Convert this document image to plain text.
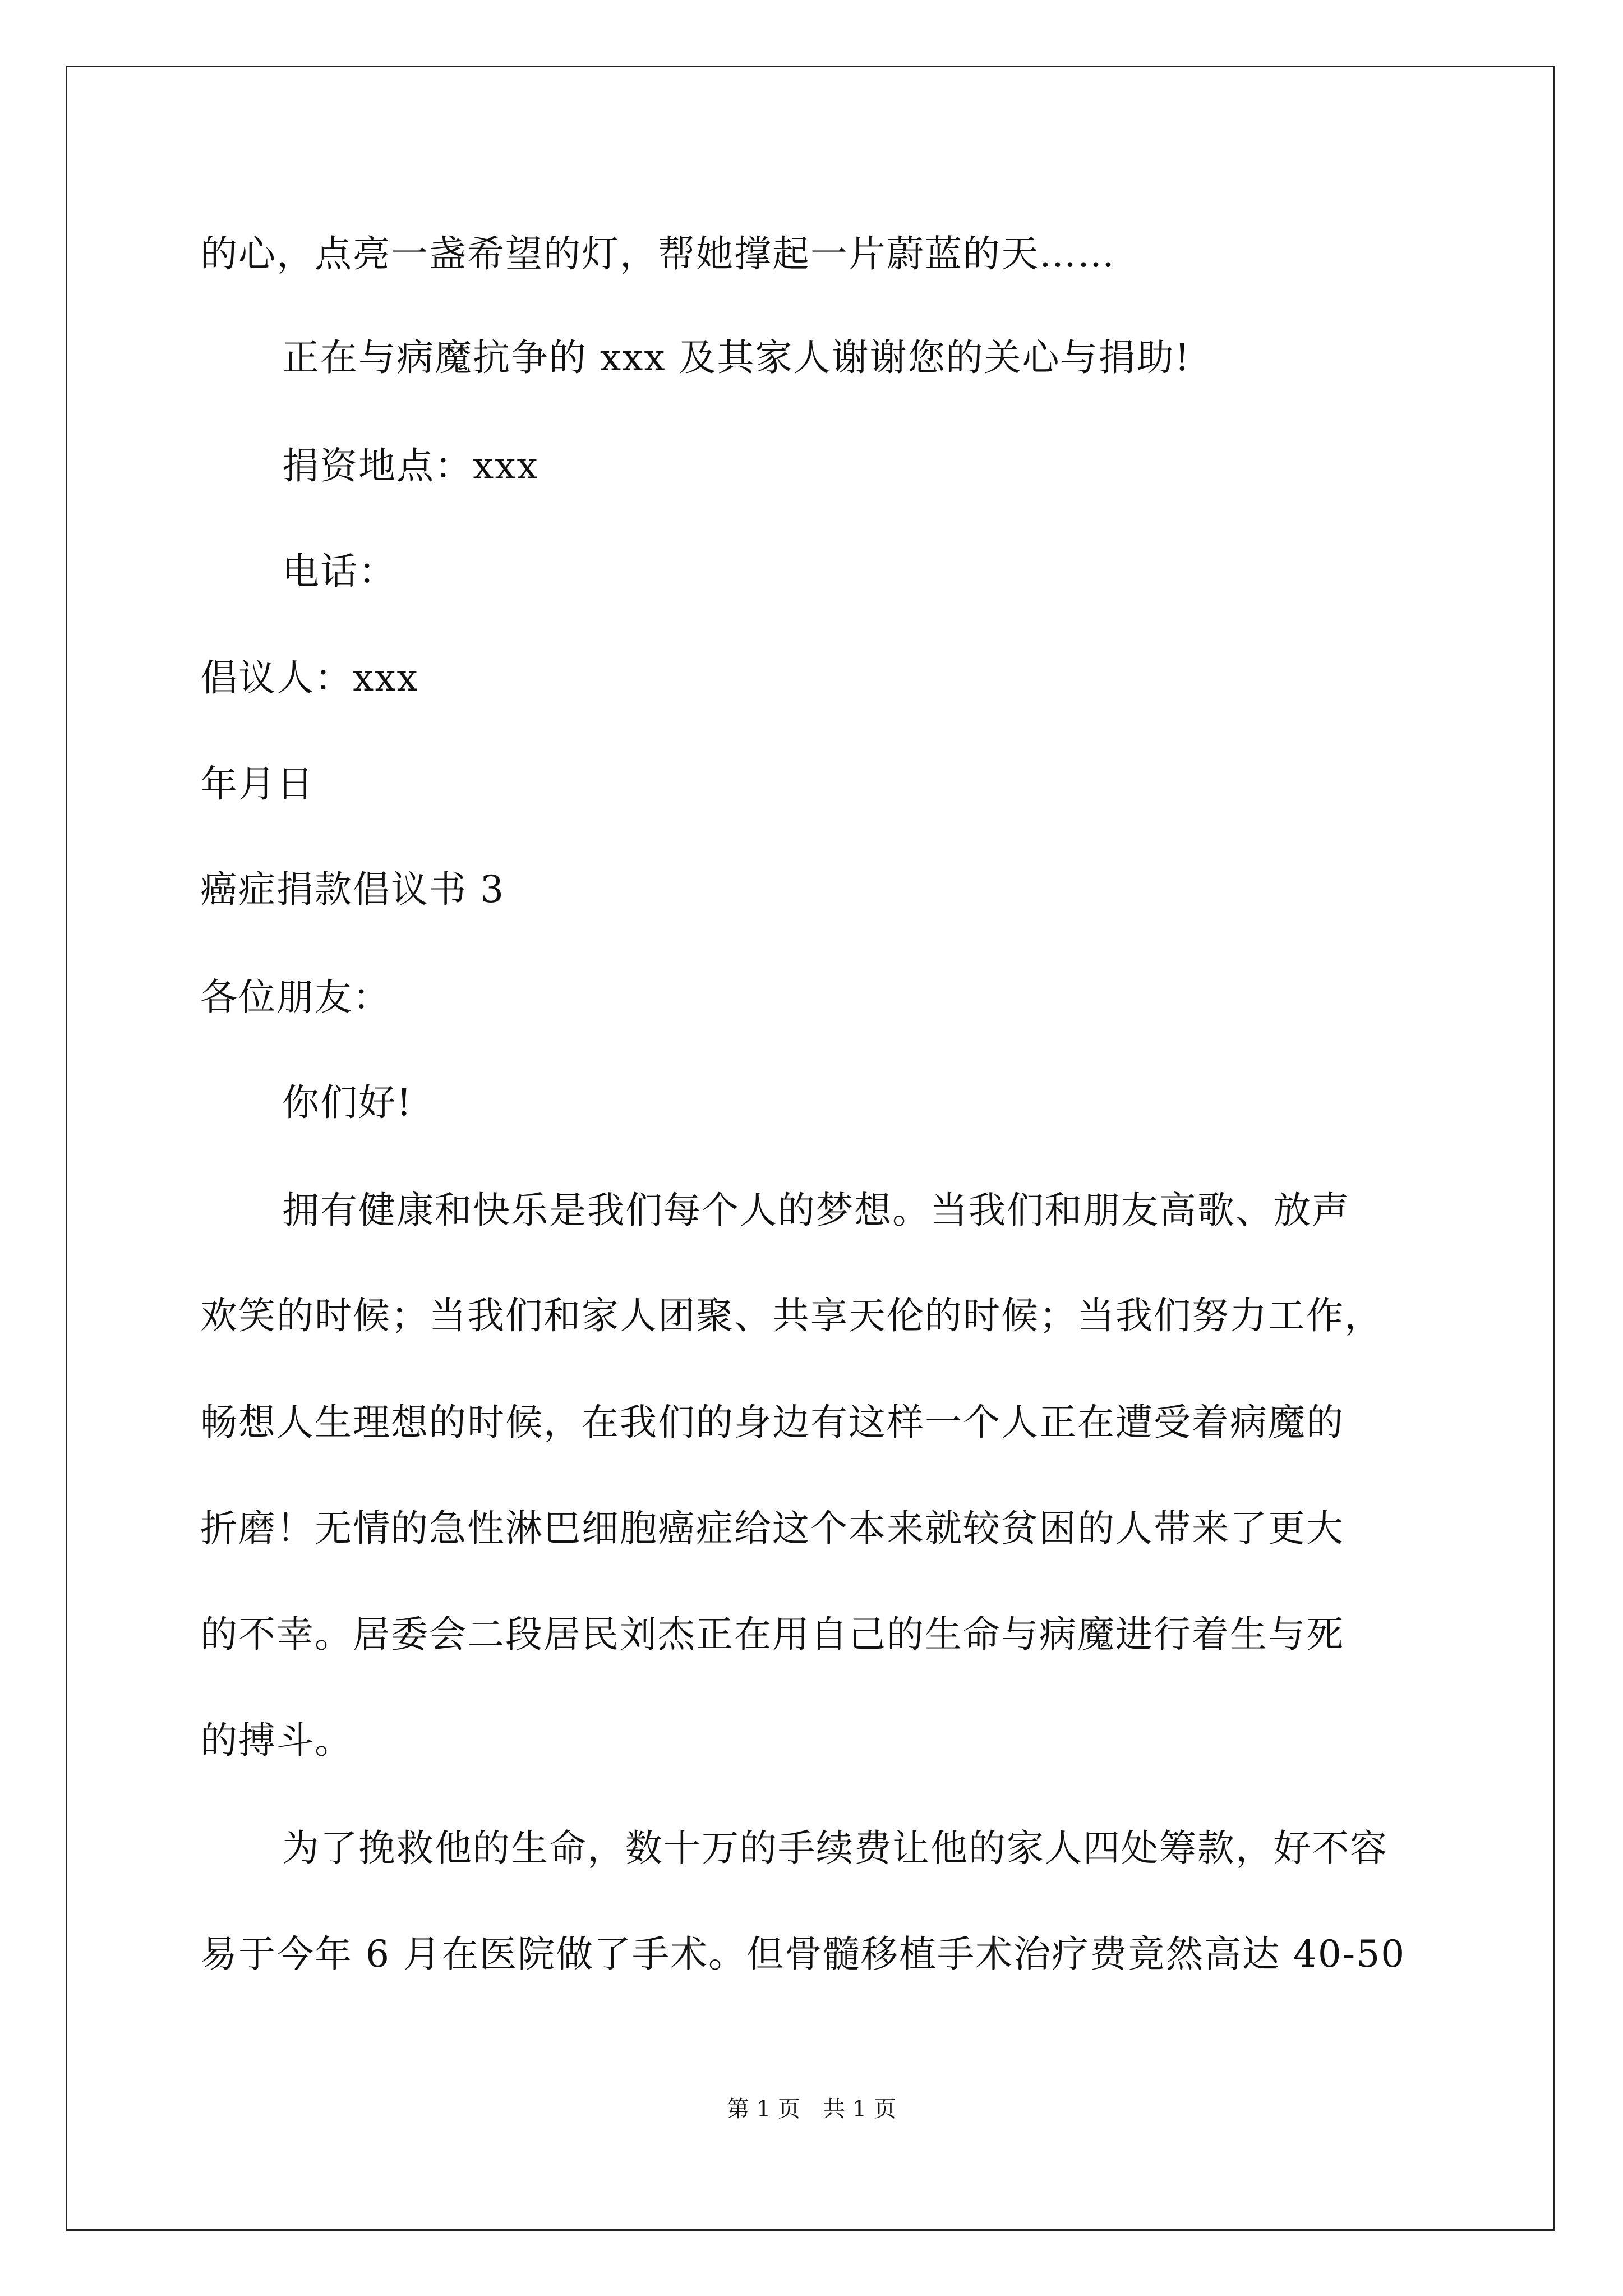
的心，点亮一盏希望的灯，帮她撑起一片蔚蓝的天……
正在与病魔抗争的 xxx 及其家人谢谢您的关心与捐助!
捐资地点：xxx
电话：
倡议人：xxx
年月日
癌症捐款倡议书 3
各位朋友：
你们好!
拥有健康和快乐是我们每个人的梦想。当我们和朋友高歌、放声
欢笑的时候；当我们和家人团聚、共享天伦的时候；当我们努力工作，
畅想人生理想的时候，在我们的身边有这样一个人正在遭受着病魔的
折磨！无情的急性淋巴细胞癌症给这个本来就较贫困的人带来了更大
的不幸。居委会二段居民刘杰正在用自己的生命与病魔进行着生与死
的搏斗。
为了挽救他的生命，数十万的手续费让他的家人四处筹款，好不容
易于今年 6 月在医院做了手术。但骨髓移植手术治疗费竟然高达 40-50
第 1 页 共 1 页
